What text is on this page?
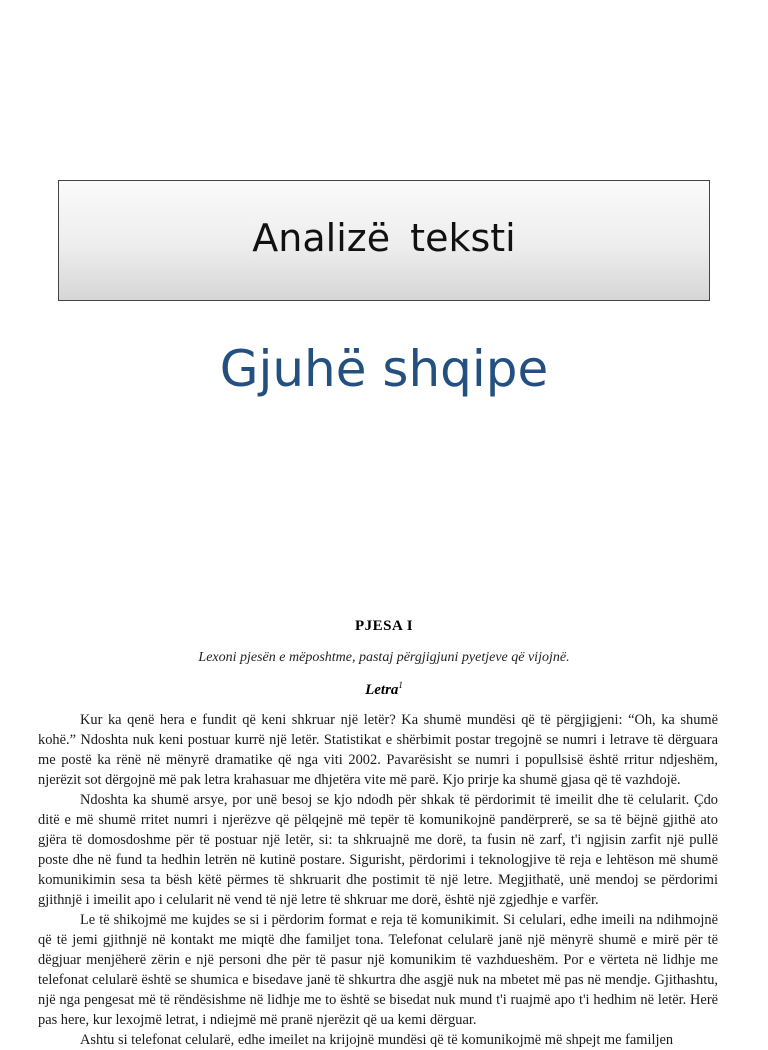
Analizë teksti
Gjuhë shqipe
PJESA I
Lexoni pjesën e mëposhtme, pastaj përgjigjuni pyetjeve që vijojnë.
Letra$^1$

Kur ka qenë hera e fundit që keni shkruar një letër? Ka shumë mundësi që të përgjigjeni: “Oh, ka shumë kohë.” Ndoshta nuk keni postuar kurrë një letër. Statistikat e shërbimit postar tregojnë se numri i letrave të dërguara me postë ka rënë në mënyrë dramatike që nga viti 2002. Pavarësisht se numri i popullsisë është rritur ndjeshëm, njerëzit sot dërgojnë më pak letra krahasuar me dhjetëra vite më parë. Kjo prirje ka shumë gjasa që të vazhdojë.

Ndoshta ka shumë arsye, por unë besoj se kjo ndodh për shkak të përdorimit të imeilit dhe të celularit. Çdo ditë e më shumë rritet numri i njerëzve që pëlqejnë më tepër të komunikojnë pandërprerë, se sa të bëjnë gjithë ato gjëra të domosdoshme për të postuar një letër, si: ta shkruajnë me dorë, ta fusin në zarf, t'i ngjisin zarfit një pullë poste dhe në fund ta hedhin letrën në kutinë postare. Sigurisht, përdorimi i teknologjive të reja e lehtëson më shumë komunikimin sesa ta bësh këtë përmes të shkruarit dhe postimit të një letre. Megjithatë, unë mendoj se përdorimi gjithnjë i imeilit apo i celularit në vend të një letre të shkruar me dorë, është një zgjedhje e varfër.

Le të shikojmë me kujdes se si i përdorim format e reja të komunikimit. Si celulari, edhe imeili na ndihmojnë që të jemi gjithnjë në kontakt me miqtë dhe familjet tona. Telefonat celularë janë një mënyrë shumë e mirë për të dëgjuar menjëherë zërin e një personi dhe për të pasur një komunikim të vazhdueshëm. Por e vërteta në lidhje me telefonat celularë është se shumica e bisedave janë të shkurtra dhe asgjë nuk na mbetet më pas në mendje. Gjithashtu, një nga pengesat më të rëndësishme në lidhje me to është se bisedat nuk mund t'i ruajmë apo t'i hedhim në letër. Herë pas here, kur lexojmë letrat, i ndiejmë më pranë njerëzit që ua kemi dërguar.

Ashtu si telefonat celularë, edhe imeilet na krijojnë mundësi që të komunikojmë më shpejt me familjen
